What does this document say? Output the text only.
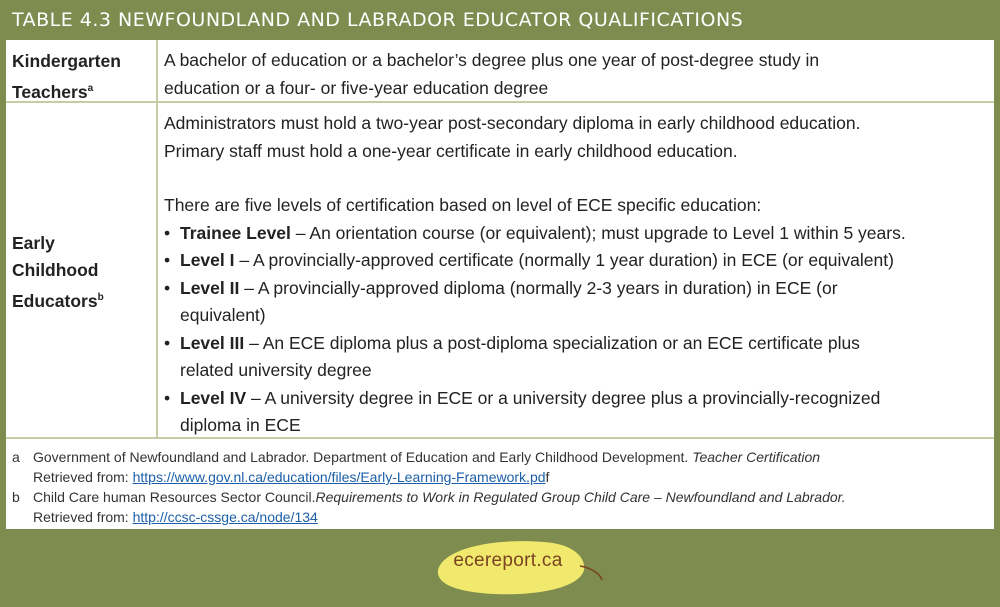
TABLE 4.3 NEWFOUNDLAND AND LABRADOR EDUCATOR QUALIFICATIONS
Kindergarten
Teachers$^a$

A bachelor of education or a bachelor’s degree plus one year of post-degree study in

education or a four- or five-year education degree

Early
Childhood
Educators$^b$

Administrators must hold a two-year post-secondary diploma in early childhood education.

Primary staff must hold a one-year certificate in early childhood education.

There are five levels of certification based on level of ECE specific education:

• Trainee Level – An orientation course (or equivalent); must upgrade to Level 1 within 5 years.
• Level I – A provincially-approved certificate (normally 1 year duration) in ECE (or equivalent)
• Level II – A provincially-approved diploma (normally 2-3 years in duration) in ECE (or
equivalent)
• Level III – An ECE diploma plus a post-diploma specialization or an ECE certificate plus
related university degree
• Level IV – A university degree in ECE or a university degree plus a provincially-recognized
diploma in ECE
a Government of Newfoundland and Labrador. Department of Education and Early Childhood Development. Teacher Certification
Retrieved from: https://www.gov.nl.ca/education/files/Early-Learning-Framework.pdf
b Child Care human Resources Sector Council.Requirements to Work in Regulated Group Child Care – Newfoundland and Labrador.
Retrieved from: http://ccsc-cssge.ca/node/134
ecereport.ca
